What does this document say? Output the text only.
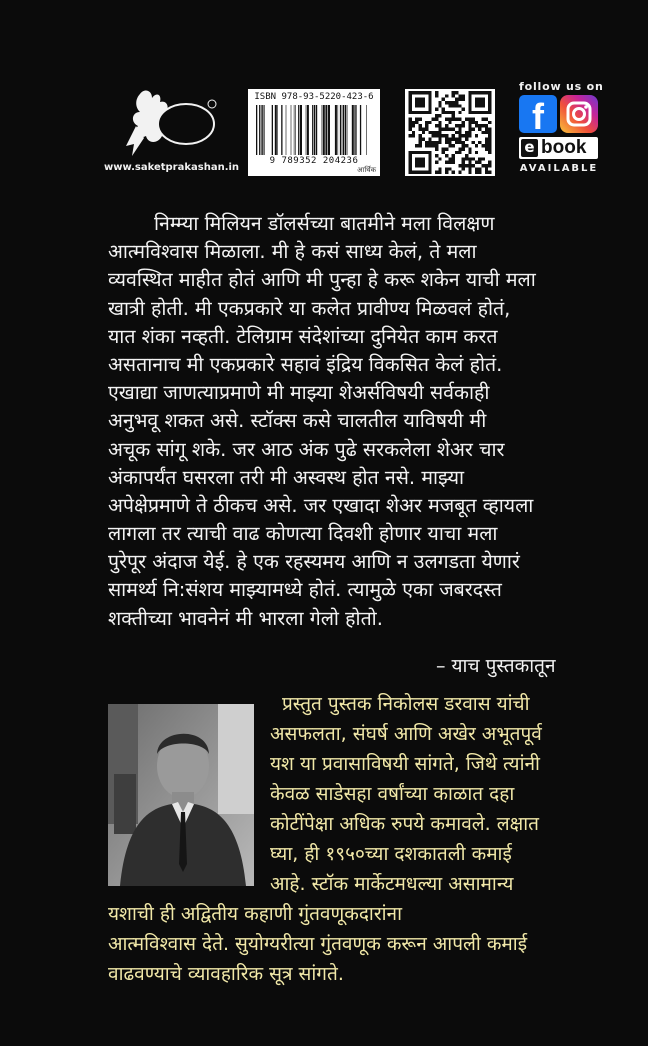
www.saketprakashan.in
ISBN 978-93-5220-423-6
9 789352 204236
आर्थिक
follow us on
f
e book
AVAILABLE
निम्म्या मिलियन डॉलर्सच्या बातमीने मला विलक्षण
आत्मविश्वास मिळाला. मी हे कसं साध्य केलं, ते मला
व्यवस्थित माहीत होतं आणि मी पुन्हा हे करू शकेन याची मला
खात्री होती. मी एकप्रकारे या कलेत प्रावीण्य मिळवलं होतं,
यात शंका नव्हती. टेलिग्राम संदेशांच्या दुनियेत काम करत
असतानाच मी एकप्रकारे सहावं इंद्रिय विकसित केलं होतं.
एखाद्या जाणत्याप्रमाणे मी माझ्या शेअर्सविषयी सर्वकाही
अनुभवू शकत असे. स्टॉक्स कसे चालतील याविषयी मी
अचूक सांगू शके. जर आठ अंक पुढे सरकलेला शेअर चार
अंकापर्यंत घसरला तरी मी अस्वस्थ होत नसे. माझ्या
अपेक्षेप्रमाणे ते ठीकच असे. जर एखादा शेअर मजबूत व्हायला
लागला तर त्याची वाढ कोणत्या दिवशी होणार याचा मला
पुरेपूर अंदाज येई. हे एक रहस्यमय आणि न उलगडता येणारं
सामर्थ्य नि:संशय माझ्यामध्ये होतं. त्यामुळे एका जबरदस्त
शक्तीच्या भावनेनं मी भारला गेलो होतो.
– याच पुस्तकातून
प्रस्तुत पुस्तक निकोलस डरवास यांची
असफलता, संघर्ष आणि अखेर अभूतपूर्व
यश या प्रवासाविषयी सांगते, जिथे त्यांनी
केवळ साडेसहा वर्षांच्या काळात दहा
कोटींपेक्षा अधिक रुपये कमावले. लक्षात
घ्या, ही १९५०च्या दशकातली कमाई
आहे. स्टॉक मार्केटमधल्या असामान्य
यशाची ही अद्वितीय कहाणी गुंतवणूकदारांना
आत्मविश्वास देते. सुयोग्यरीत्या गुंतवणूक करून आपली कमाई
वाढवण्याचे व्यावहारिक सूत्र सांगते.
